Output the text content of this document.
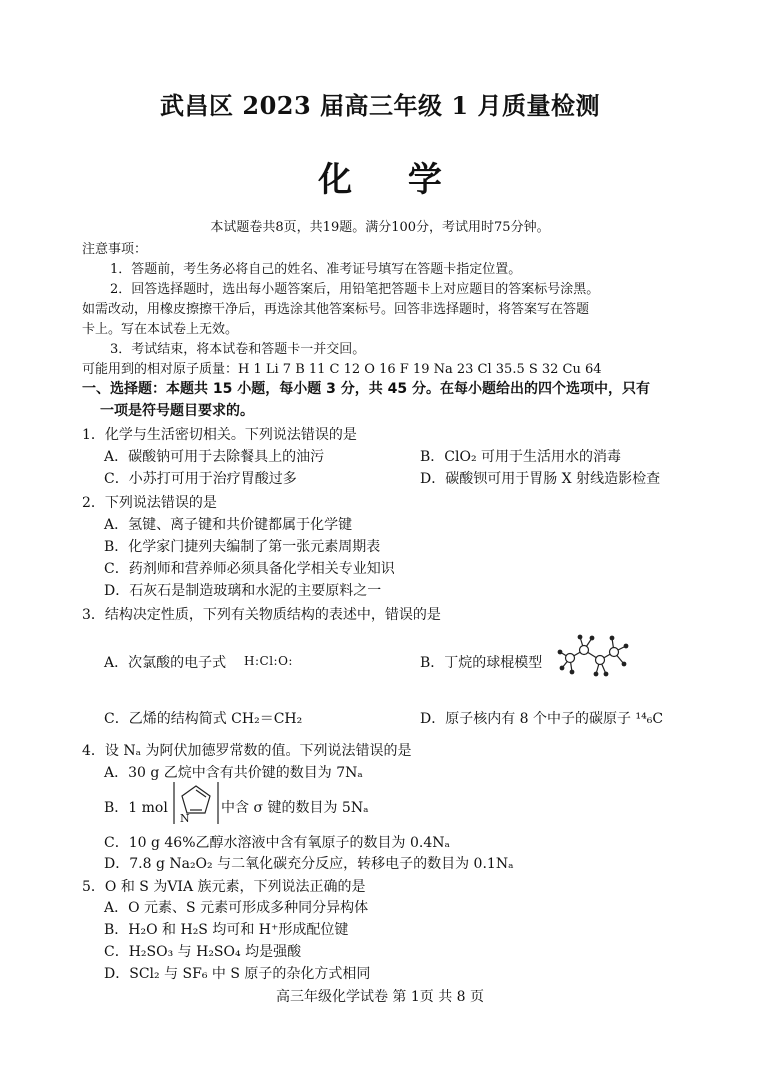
武昌区 2023 届高三年级 1 月质量检测
化 学
本试题卷共8页，共19题。满分100分，考试用时75分钟。
注意事项：
1．答题前，考生务必将自己的姓名、准考证号填写在答题卡指定位置。
2．回答选择题时，选出每小题答案后，用铅笔把答题卡上对应题目的答案标号涂黑。
如需改动，用橡皮擦擦干净后，再选涂其他答案标号。回答非选择题时，将答案写在答题
卡上。写在本试卷上无效。
3．考试结束，将本试卷和答题卡一并交回。
可能用到的相对原子质量：H 1 Li 7 B 11 C 12 O 16 F 19 Na 23 Cl 35.5 S 32 Cu 64
一、选择题：本题共 15 小题，每小题 3 分，共 45 分。在每小题给出的四个选项中，只有
一项是符号题目要求的。
1．化学与生活密切相关。下列说法错误的是
A．碳酸钠可用于去除餐具上的油污	B．ClO₂ 可用于生活用水的消毒
C．小苏打可用于治疗胃酸过多	D．碳酸钡可用于胃肠 X 射线造影检查
2．下列说法错误的是
A．氢键、离子键和共价键都属于化学键
B．化学家门捷列夫编制了第一张元素周期表
C．药剂师和营养师必须具备化学相关专业知识
D．石灰石是制造玻璃和水泥的主要原料之一
3．结构决定性质，下列有关物质结构的表述中，错误的是
A．次氯酸的电子式 H:Cl:O:	B．丁烷的球棍模型
C．乙烯的结构简式 CH₂＝CH₂	D．原子核内有 8 个中子的碳原子 ¹⁴₆C
4．设 Nₐ 为阿伏加德罗常数的值。下列说法错误的是
A．30 g 乙烷中含有共价键的数目为 7Nₐ
B．1 mol
N
中含 σ 键的数目为 5Nₐ
C．10 g 46%乙醇水溶液中含有氧原子的数目为 0.4Nₐ
D．7.8 g Na₂O₂ 与二氧化碳充分反应，转移电子的数目为 0.1Nₐ
5．O 和 S 为VIA 族元素，下列说法正确的是
A．O 元素、S 元素可形成多种同分异构体
B．H₂O 和 H₂S 均可和 H⁺形成配位键
C．H₂SO₃ 与 H₂SO₄ 均是强酸
D．SCl₂ 与 SF₆ 中 S 原子的杂化方式相同
高三年级化学试卷 第 1页 共 8 页
